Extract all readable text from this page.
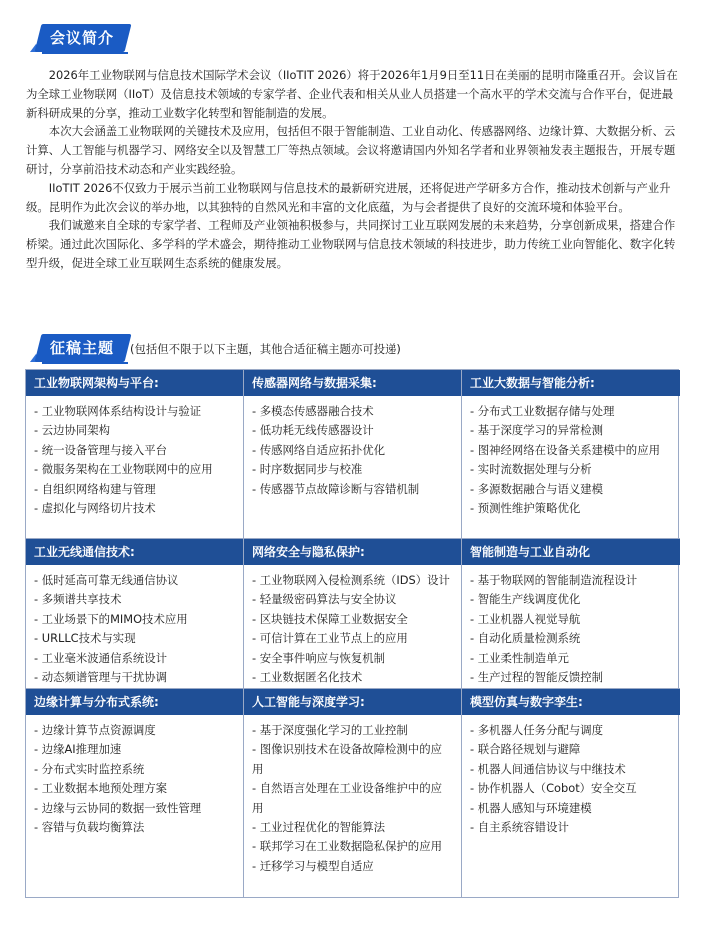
会议简介

2026年工业物联网与信息技术国际学术会议（IIoTIT 2026）将于2026年1月9日至11日在美丽的昆明市隆重召开。会议旨在为全球工业物联网（IIoT）及信息技术领域的专家学者、企业代表和相关从业人员搭建一个高水平的学术交流与合作平台，促进最新科研成果的分享，推动工业数字化转型和智能制造的发展。

本次大会涵盖工业物联网的关键技术及应用，包括但不限于智能制造、工业自动化、传感器网络、边缘计算、大数据分析、云计算、人工智能与机器学习、网络安全以及智慧工厂等热点领域。会议将邀请国内外知名学者和业界领袖发表主题报告，开展专题研讨，分享前沿技术动态和产业实践经验。

IIoTIT 2026不仅致力于展示当前工业物联网与信息技术的最新研究进展，还将促进产学研多方合作，推动技术创新与产业升级。昆明作为此次会议的举办地，以其独特的自然风光和丰富的文化底蕴，为与会者提供了良好的交流环境和体验平台。

我们诚邀来自全球的专家学者、工程师及产业领袖积极参与，共同探讨工业互联网发展的未来趋势，分享创新成果，搭建合作桥梁。通过此次国际化、多学科的学术盛会，期待推动工业物联网与信息技术领域的科技进步，助力传统工业向智能化、数字化转型升级，促进全球工业互联网生态系统的健康发展。

征稿主题	(包括但不限于以下主题，其他合适征稿主题亦可投递)
工业物联网架构与平台:
- 工业物联网体系结构设计与验证
- 云边协同架构
- 统一设备管理与接入平台
- 微服务架构在工业物联网中的应用
- 自组织网络构建与管理
- 虚拟化与网络切片技术
传感器网络与数据采集:
- 多模态传感器融合技术
- 低功耗无线传感器设计
- 传感网络自适应拓扑优化
- 时序数据同步与校准
- 传感器节点故障诊断与容错机制
工业大数据与智能分析:
- 分布式工业数据存储与处理
- 基于深度学习的异常检测
- 图神经网络在设备关系建模中的应用
- 实时流数据处理与分析
- 多源数据融合与语义建模
- 预测性维护策略优化
工业无线通信技术:
- 低时延高可靠无线通信协议
- 多频谱共享技术
- 工业场景下的MIMO技术应用
- URLLC技术与实现
- 工业毫米波通信系统设计
- 动态频谱管理与干扰协调
网络安全与隐私保护:
- 工业物联网入侵检测系统（IDS）设计
- 轻量级密码算法与安全协议
- 区块链技术保障工业数据安全
- 可信计算在工业节点上的应用
- 安全事件响应与恢复机制
- 工业数据匿名化技术
智能制造与工业自动化
- 基于物联网的智能制造流程设计
- 智能生产线调度优化
- 工业机器人视觉导航
- 自动化质量检测系统
- 工业柔性制造单元
- 生产过程的智能反馈控制
边缘计算与分布式系统:
- 边缘计算节点资源调度
- 边缘AI推理加速
- 分布式实时监控系统
- 工业数据本地预处理方案
- 边缘与云协同的数据一致性管理
- 容错与负载均衡算法
人工智能与深度学习:
- 基于深度强化学习的工业控制
- 图像识别技术在设备故障检测中的应用
- 自然语言处理在工业设备维护中的应用
- 工业过程优化的智能算法
- 联邦学习在工业数据隐私保护的应用
- 迁移学习与模型自适应
模型仿真与数字孪生:
- 多机器人任务分配与调度
- 联合路径规划与避障
- 机器人间通信协议与中继技术
- 协作机器人（Cobot）安全交互
- 机器人感知与环境建模
- 自主系统容错设计
